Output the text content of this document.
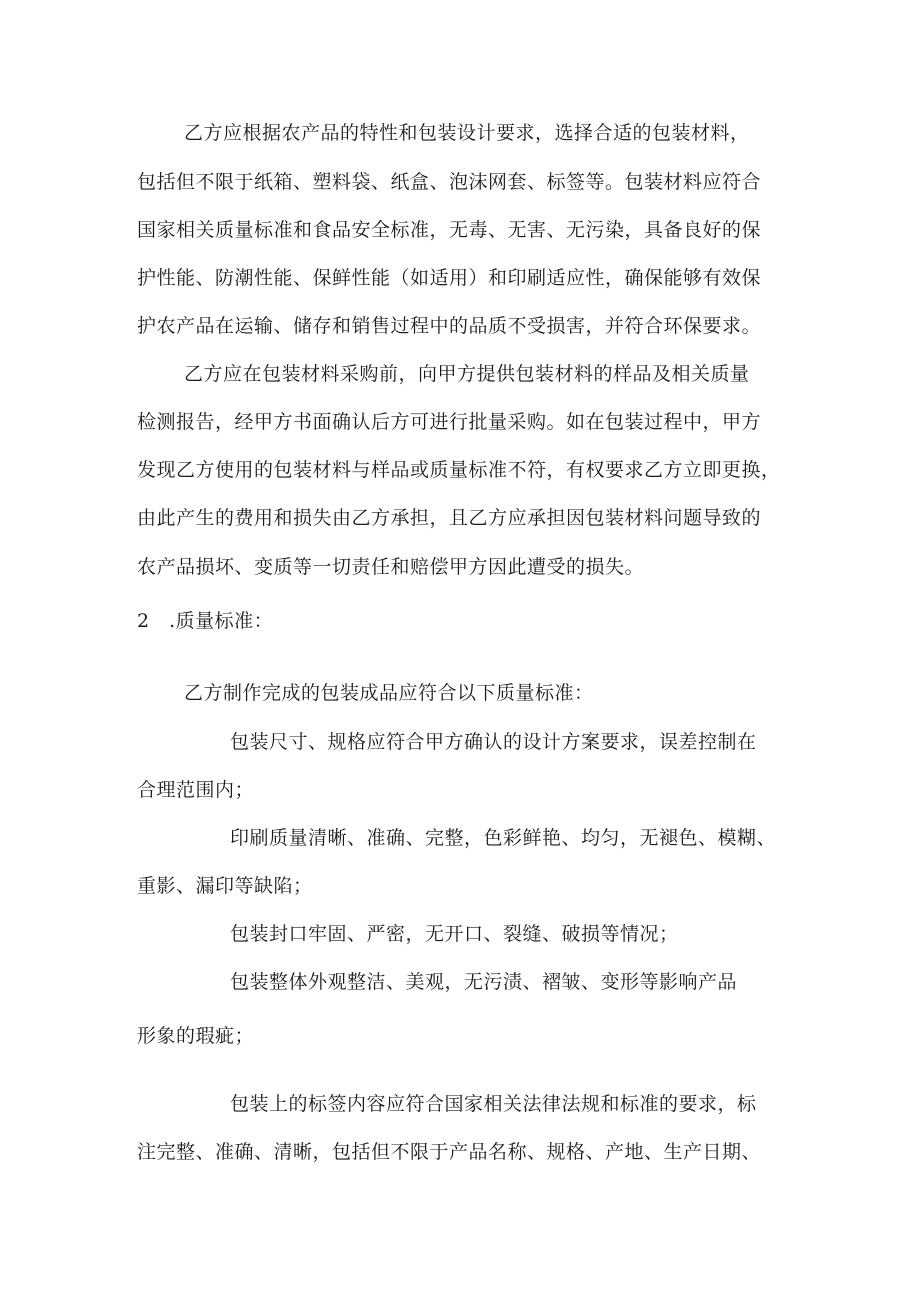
乙方应根据农产品的特性和包装设计要求，选择合适的包装材料，
包括但不限于纸箱、塑料袋、纸盒、泡沫网套、标签等。包装材料应符合
国家相关质量标准和食品安全标准，无毒、无害、无污染，具备良好的保
护性能、防潮性能、保鲜性能（如适用）和印刷适应性，确保能够有效保
护农产品在运输、储存和销售过程中的品质不受损害，并符合环保要求。
乙方应在包装材料采购前，向甲方提供包装材料的样品及相关质量
检测报告，经甲方书面确认后方可进行批量采购。如在包装过程中，甲方
发现乙方使用的包装材料与样品或质量标准不符，有权要求乙方立即更换，
由此产生的费用和损失由乙方承担，且乙方应承担因包装材料问题导致的
农产品损坏、变质等一切责任和赔偿甲方因此遭受的损失。
2　.质量标准：
乙方制作完成的包装成品应符合以下质量标准：
包装尺寸、规格应符合甲方确认的设计方案要求，误差控制在
合理范围内；
印刷质量清晰、准确、完整，色彩鲜艳、均匀，无褪色、模糊、
重影、漏印等缺陷；
包装封口牢固、严密，无开口、裂缝、破损等情况；
包装整体外观整洁、美观，无污渍、褶皱、变形等影响产品
形象的瑕疵；
包装上的标签内容应符合国家相关法律法规和标准的要求，标
注完整、准确、清晰，包括但不限于产品名称、规格、产地、生产日期、
